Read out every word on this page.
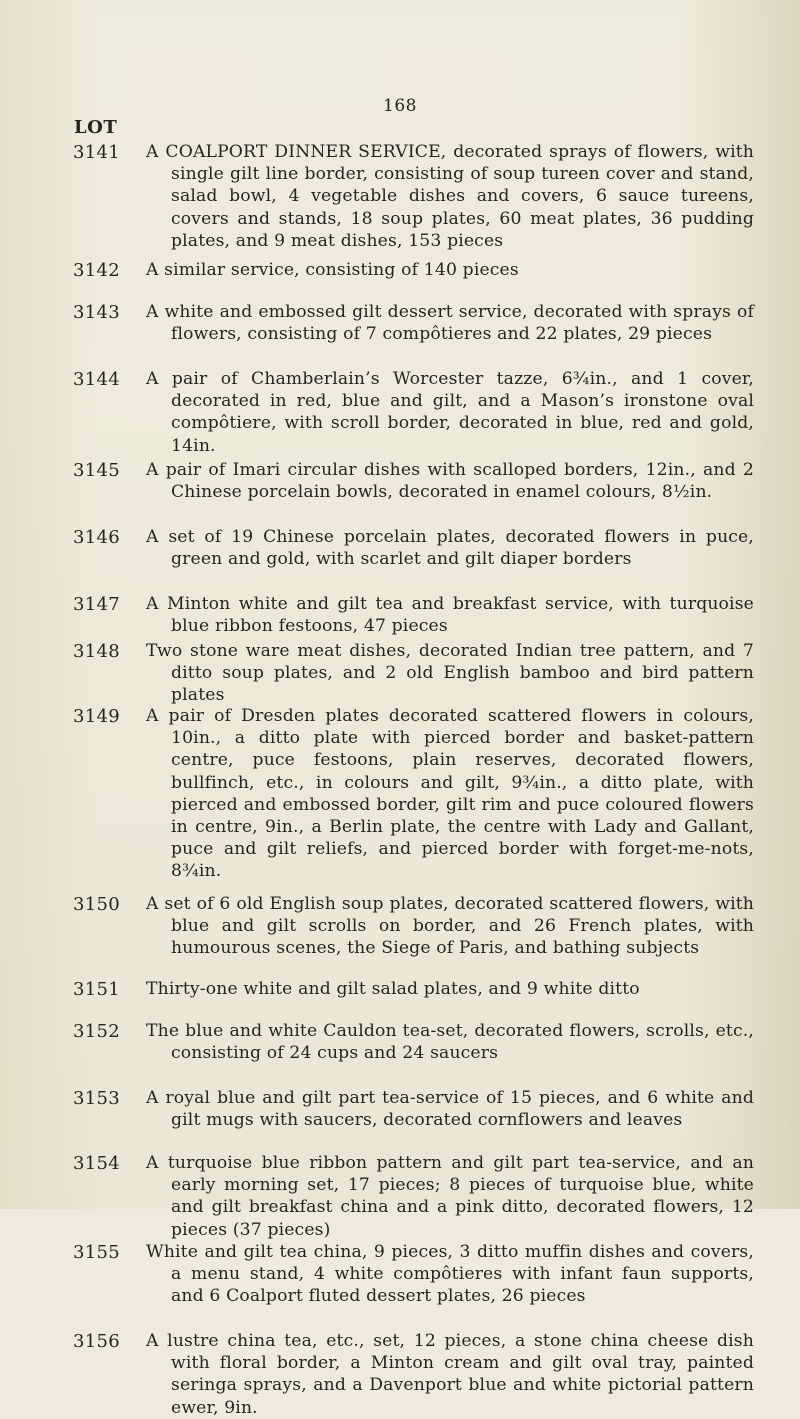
168
LOT
3141 A COALPORT DINNER SERVICE, decorated sprays of flowers, with single gilt line border, consisting of soup tureen cover and stand, salad bowl, 4 vegetable dishes and covers, 6 sauce tureens, covers and stands, 18 soup plates, 60 meat plates, 36 pudding plates, and 9 meat dishes, 153 pieces
3142 A similar service, consisting of 140 pieces
3143 A white and embossed gilt dessert service, decorated with sprays of flowers, consisting of 7 compôtieres and 22 plates, 29 pieces
3144 A pair of Chamberlain’s Worcester tazze, 6¾in., and 1 cover, decorated in red, blue and gilt, and a Mason’s ironstone oval compôtiere, with scroll border, decorated in blue, red and gold, 14in.
3145 A pair of Imari circular dishes with scalloped borders, 12in., and 2 Chinese porcelain bowls, decorated in enamel colours, 8½in.
3146 A set of 19 Chinese porcelain plates, decorated flowers in puce, green and gold, with scarlet and gilt diaper borders
3147 A Minton white and gilt tea and breakfast service, with turquoise blue ribbon festoons, 47 pieces
3148 Two stone ware meat dishes, decorated Indian tree pattern, and 7 ditto soup plates, and 2 old English bamboo and bird pattern plates
3149 A pair of Dresden plates decorated scattered flowers in colours, 10in., a ditto plate with pierced border and basket-pattern centre, puce festoons, plain reserves, decorated flowers, bullfinch, etc., in colours and gilt, 9¾in., a ditto plate, with pierced and embossed border, gilt rim and puce coloured flowers in centre, 9in., a Berlin plate, the centre with Lady and Gallant, puce and gilt reliefs, and pierced border with forget-me-nots, 8¾in.
3150 A set of 6 old English soup plates, decorated scattered flowers, with blue and gilt scrolls on border, and 26 French plates, with humourous scenes, the Siege of Paris, and bathing subjects
3151 Thirty-one white and gilt salad plates, and 9 white ditto
3152 The blue and white Cauldon tea-set, decorated flowers, scrolls, etc., consisting of 24 cups and 24 saucers
3153 A royal blue and gilt part tea-service of 15 pieces, and 6 white and gilt mugs with saucers, decorated cornflowers and leaves
3154 A turquoise blue ribbon pattern and gilt part tea-service, and an early morning set, 17 pieces; 8 pieces of turquoise blue, white and gilt breakfast china and a pink ditto, decorated flowers, 12 pieces (37 pieces)
3155 White and gilt tea china, 9 pieces, 3 ditto muffin dishes and covers, a menu stand, 4 white compôtieres with infant faun supports, and 6 Coalport fluted dessert plates, 26 pieces
3156 A lustre china tea, etc., set, 12 pieces, a stone china cheese dish with floral border, a Minton cream and gilt oval tray, painted seringa sprays, and a Davenport blue and white pictorial pattern ewer, 9in.
